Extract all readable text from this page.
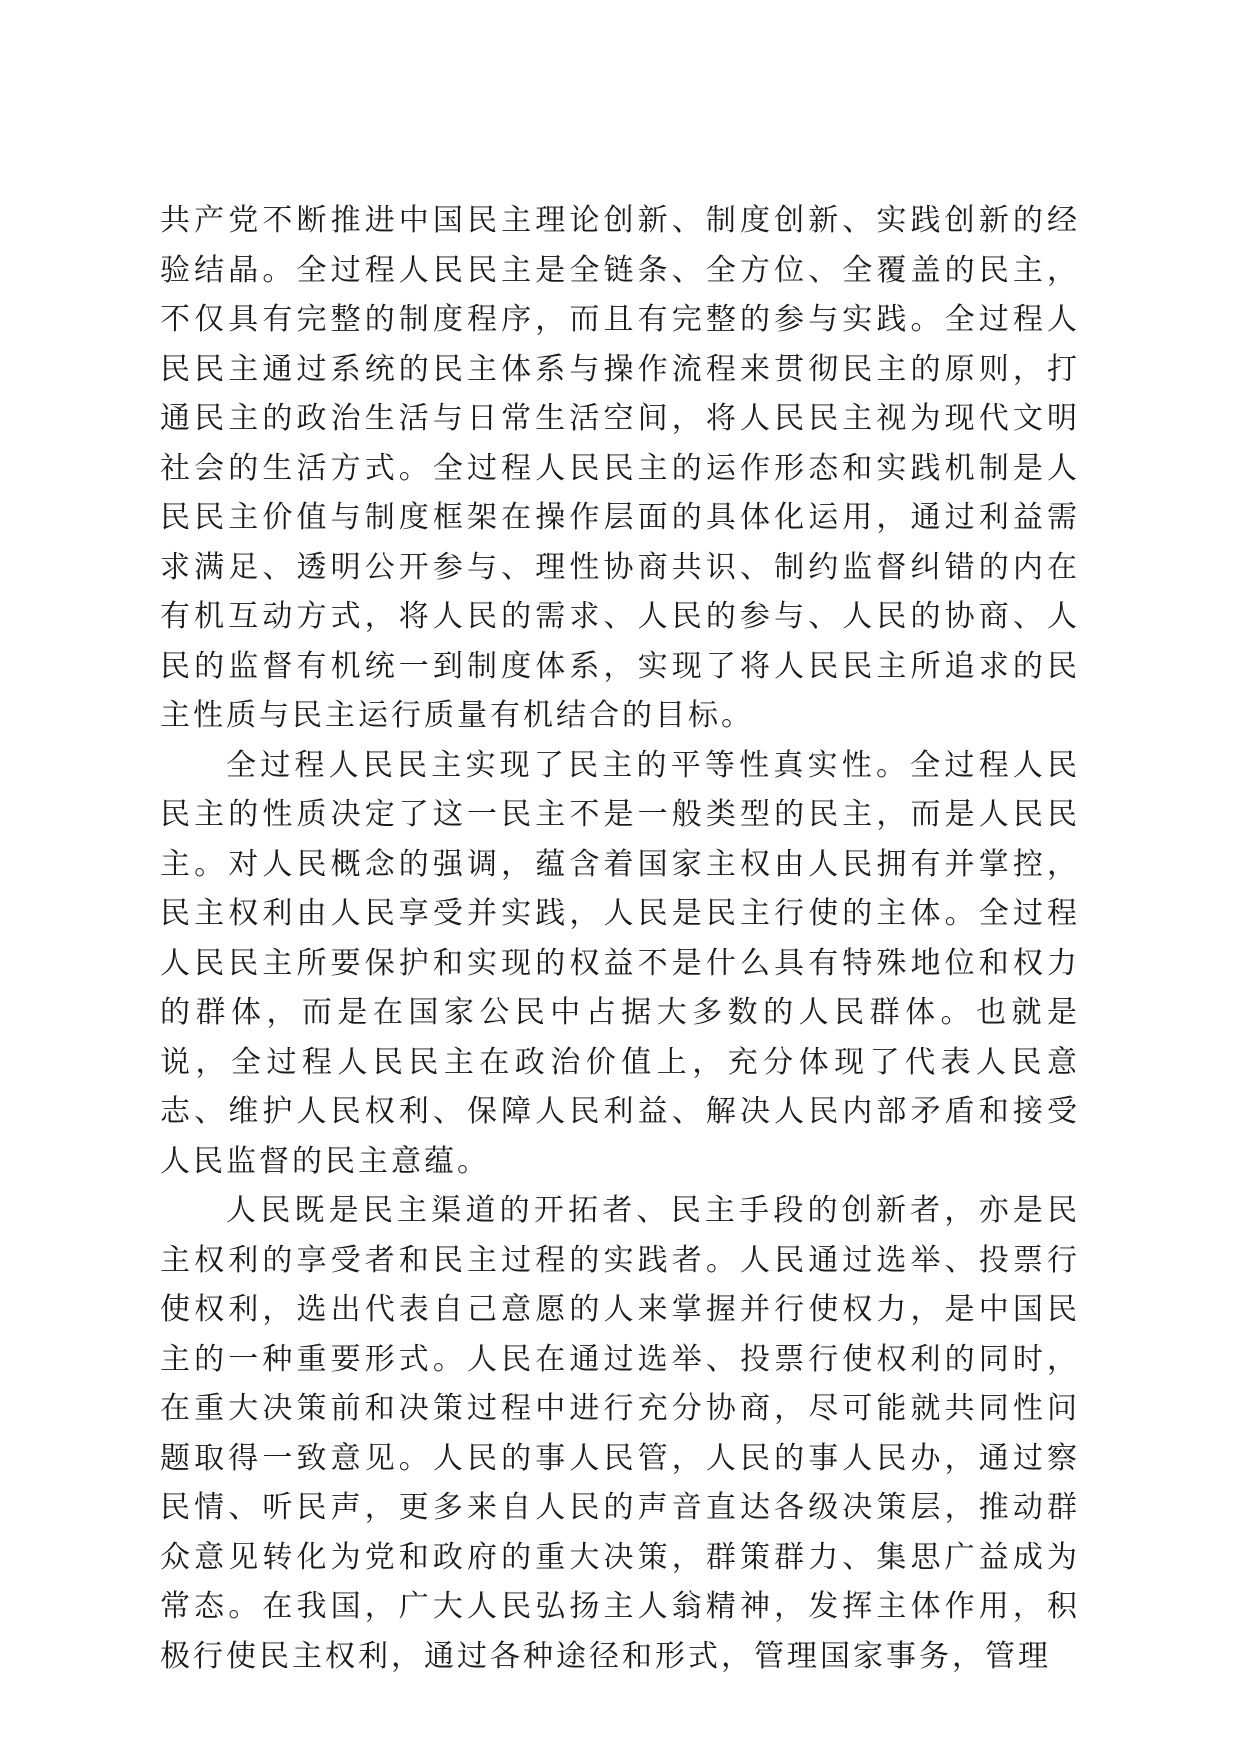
共产党不断推进中国民主理论创新、制度创新、实践创新的经验结晶。全过程人民民主是全链条、全方位、全覆盖的民主，不仅具有完整的制度程序，而且有完整的参与实践。全过程人民民主通过系统的民主体系与操作流程来贯彻民主的原则，打通民主的政治生活与日常生活空间，将人民民主视为现代文明社会的生活方式。全过程人民民主的运作形态和实践机制是人民民主价值与制度框架在操作层面的具体化运用，通过利益需求满足、透明公开参与、理性协商共识、制约监督纠错的内在有机互动方式，将人民的需求、人民的参与、人民的协商、人民的监督有机统一到制度体系，实现了将人民民主所追求的民主性质与民主运行质量有机结合的目标。

全过程人民民主实现了民主的平等性真实性。全过程人民民主的性质决定了这一民主不是一般类型的民主，而是人民民主。对人民概念的强调，蕴含着国家主权由人民拥有并掌控，民主权利由人民享受并实践，人民是民主行使的主体。全过程人民民主所要保护和实现的权益不是什么具有特殊地位和权力的群体，而是在国家公民中占据大多数的人民群体。也就是说，全过程人民民主在政治价值上，充分体现了代表人民意志、维护人民权利、保障人民利益、解决人民内部矛盾和接受人民监督的民主意蕴。

人民既是民主渠道的开拓者、民主手段的创新者，亦是民主权利的享受者和民主过程的实践者。人民通过选举、投票行使权利，选出代表自己意愿的人来掌握并行使权力，是中国民主的一种重要形式。人民在通过选举、投票行使权利的同时，在重大决策前和决策过程中进行充分协商，尽可能就共同性问题取得一致意见。人民的事人民管，人民的事人民办，通过察民情、听民声，更多来自人民的声音直达各级决策层，推动群众意见转化为党和政府的重大决策，群策群力、集思广益成为常态。在我国，广大人民弘扬主人翁精神，发挥主体作用，积极行使民主权利，通过各种途径和形式，管理国家事务，管理
